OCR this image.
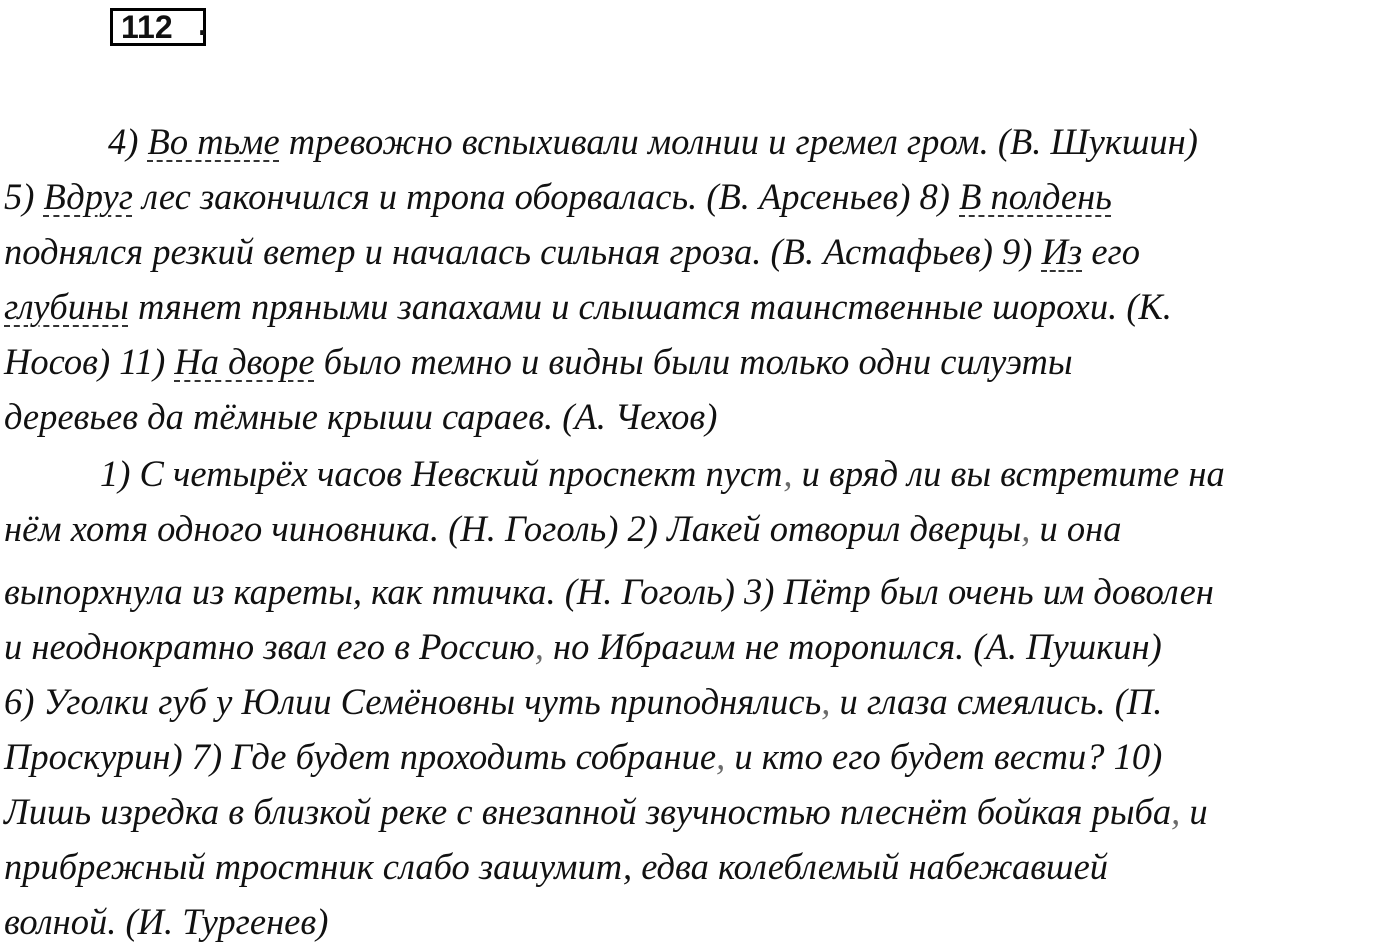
112 .
4) Во тьме тревожно вспыхивали молнии и гремел гром. (В. Шукшин)
5) Вдруг лес закончился и тропа оборвалась. (В. Арсеньев) 8) В полдень
поднялся резкий ветер и началась сильная гроза. (В. Астафьев) 9) Из его
глубины тянет пряными запахами и слышатся таинственные шорохи. (К.
Носов) 11) На дворе было темно и видны были только одни силуэты
деревьев да тёмные крыши сараев. (А. Чехов)
1) С четырёх часов Невский проспект пуст, и вряд ли вы встретите на
нём хотя одного чиновника. (Н. Гоголь) 2) Лакей отворил дверцы, и она
выпорхнула из кареты, как птичка. (Н. Гоголь) 3) Пётр был очень им доволен
и неоднократно звал его в Россию, но Ибрагим не торопился. (А. Пушкин)
6) Уголки губ у Юлии Семёновны чуть приподнялись, и глаза смеялись. (П.
Проскурин) 7) Где будет проходить собрание, и кто его будет вести? 10)
Лишь изредка в близкой реке с внезапной звучностью плеснёт бойкая рыба, и
прибрежный тростник слабо зашумит, едва колеблемый набежавшей
волной. (И. Тургенев)
